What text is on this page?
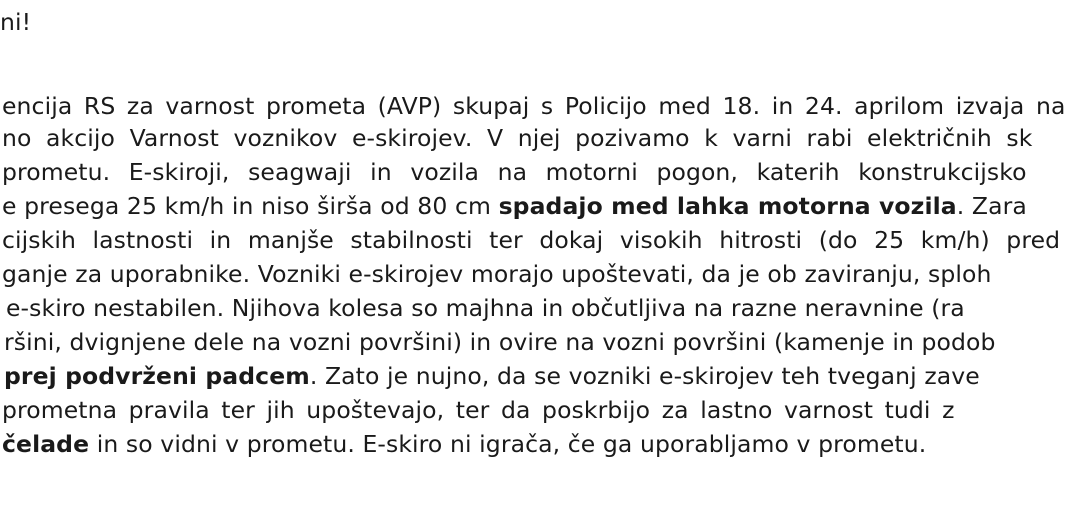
ni!
encija RS za varnost prometa (AVP) skupaj s Policijo med 18. in 24. aprilom izvaja na
no akcijo Varnost voznikov e-skirojev. V njej pozivamo k varni rabi električnih sk
prometu. E-skiroji, seagwaji in vozila na motorni pogon, katerih konstrukcijsko
e presega 25 km/h in niso širša od 80 cm spadajo med lahka motorna vozila. Zara
cijskih lastnosti in manjše stabilnosti ter dokaj visokih hitrosti (do 25 km/h) pred
ganje za uporabnike. Vozniki e-skirojev morajo upoštevati, da je ob zaviranju, sploh
e-skiro nestabilen. Njihova kolesa so majhna in občutljiva na razne neravnine (ra
ršini, dvignjene dele na vozni površini) in ovire na vozni površini (kamenje in podob
prej podvrženi padcem. Zato je nujno, da se vozniki e-skirojev teh tveganj zave
prometna pravila ter jih upoštevajo, ter da poskrbijo za lastno varnost tudi z
čelade in so vidni v prometu. E-skiro ni igrača, če ga uporabljamo v prometu.
